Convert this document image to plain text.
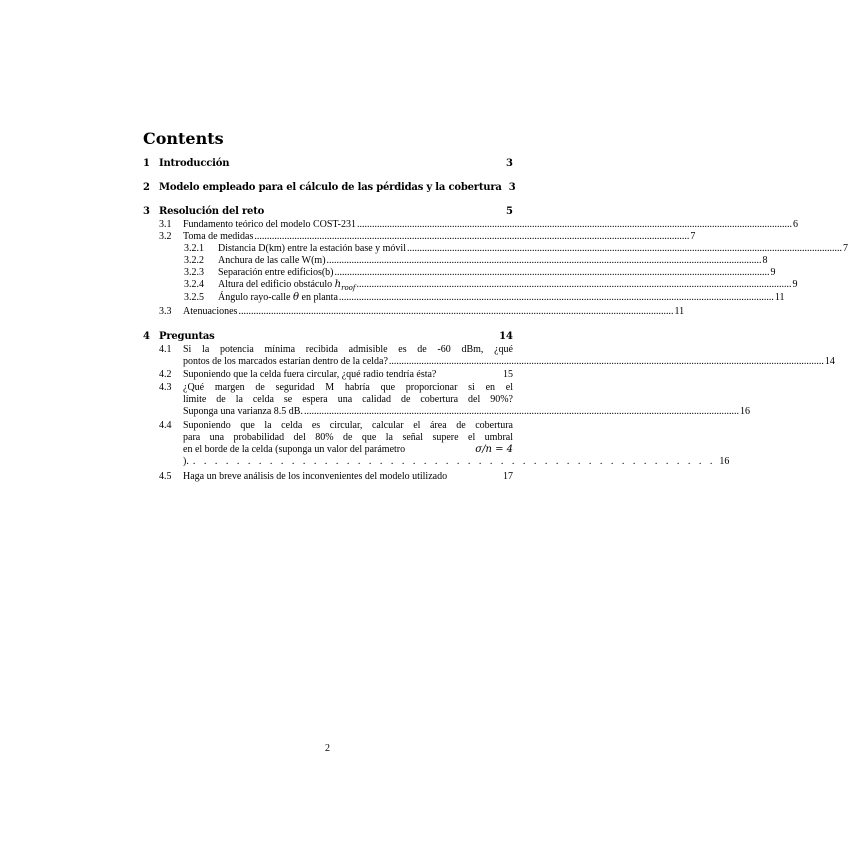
Contents
1 Introducción	3
2 Modelo empleado para el cálculo de las pérdidas y la cobertura 3
3 Resolución del reto	5
3.1	Fundamento teórico del modelo COST-231 .............................................................................................................................................................................. 6
3.2	Toma de medidas .............................................................................................................................................................................. 7
3.2.1	Distancia D(km) entre la estación base y móvil .............................................................................................................................................................................. 7
3.2.2	Anchura de las calle W(m) .............................................................................................................................................................................. 8
3.2.3	Separación entre edificios(b) .............................................................................................................................................................................. 9
3.2.4	Altura del edificio obstáculo $h_{roof}$ .............................................................................................................................................................................. 9
3.2.5	Ángulo rayo-calle θ en planta .............................................................................................................................................................................. 11
3.3	Atenuaciones .............................................................................................................................................................................. 11
4 Preguntas	14
4.1	Si la potencia mínima recibida admisible es de -60 dBm, ¿qué
pontos de los marcados estarían dentro de la celda? .............................................................................................................................................................................. 14
4.2	Suponiendo que la celda fuera circular, ¿qué radio tendría ésta?	15
4.3	¿Qué margen de seguridad M habría que proporcionar si en el
límite de la celda se espera una calidad de cobertura del 90%?
Suponga una varianza 8.5 dB. .............................................................................................................................................................................. 16
4.4	Suponiendo que la celda es circular, calcular el área de cobertura
para una probabilidad del 80% de que la señal supere el umbral
en el borde de la celda (suponga un valor del parámetro	σ/n = 4
). . . . . . . . . . . . . . . . . . . . . . . . . . . . . . . . . . . . . . . . . . . . . . . . . 16
4.5	Haga un breve análisis de los inconvenientes del modelo utilizado	17
2
